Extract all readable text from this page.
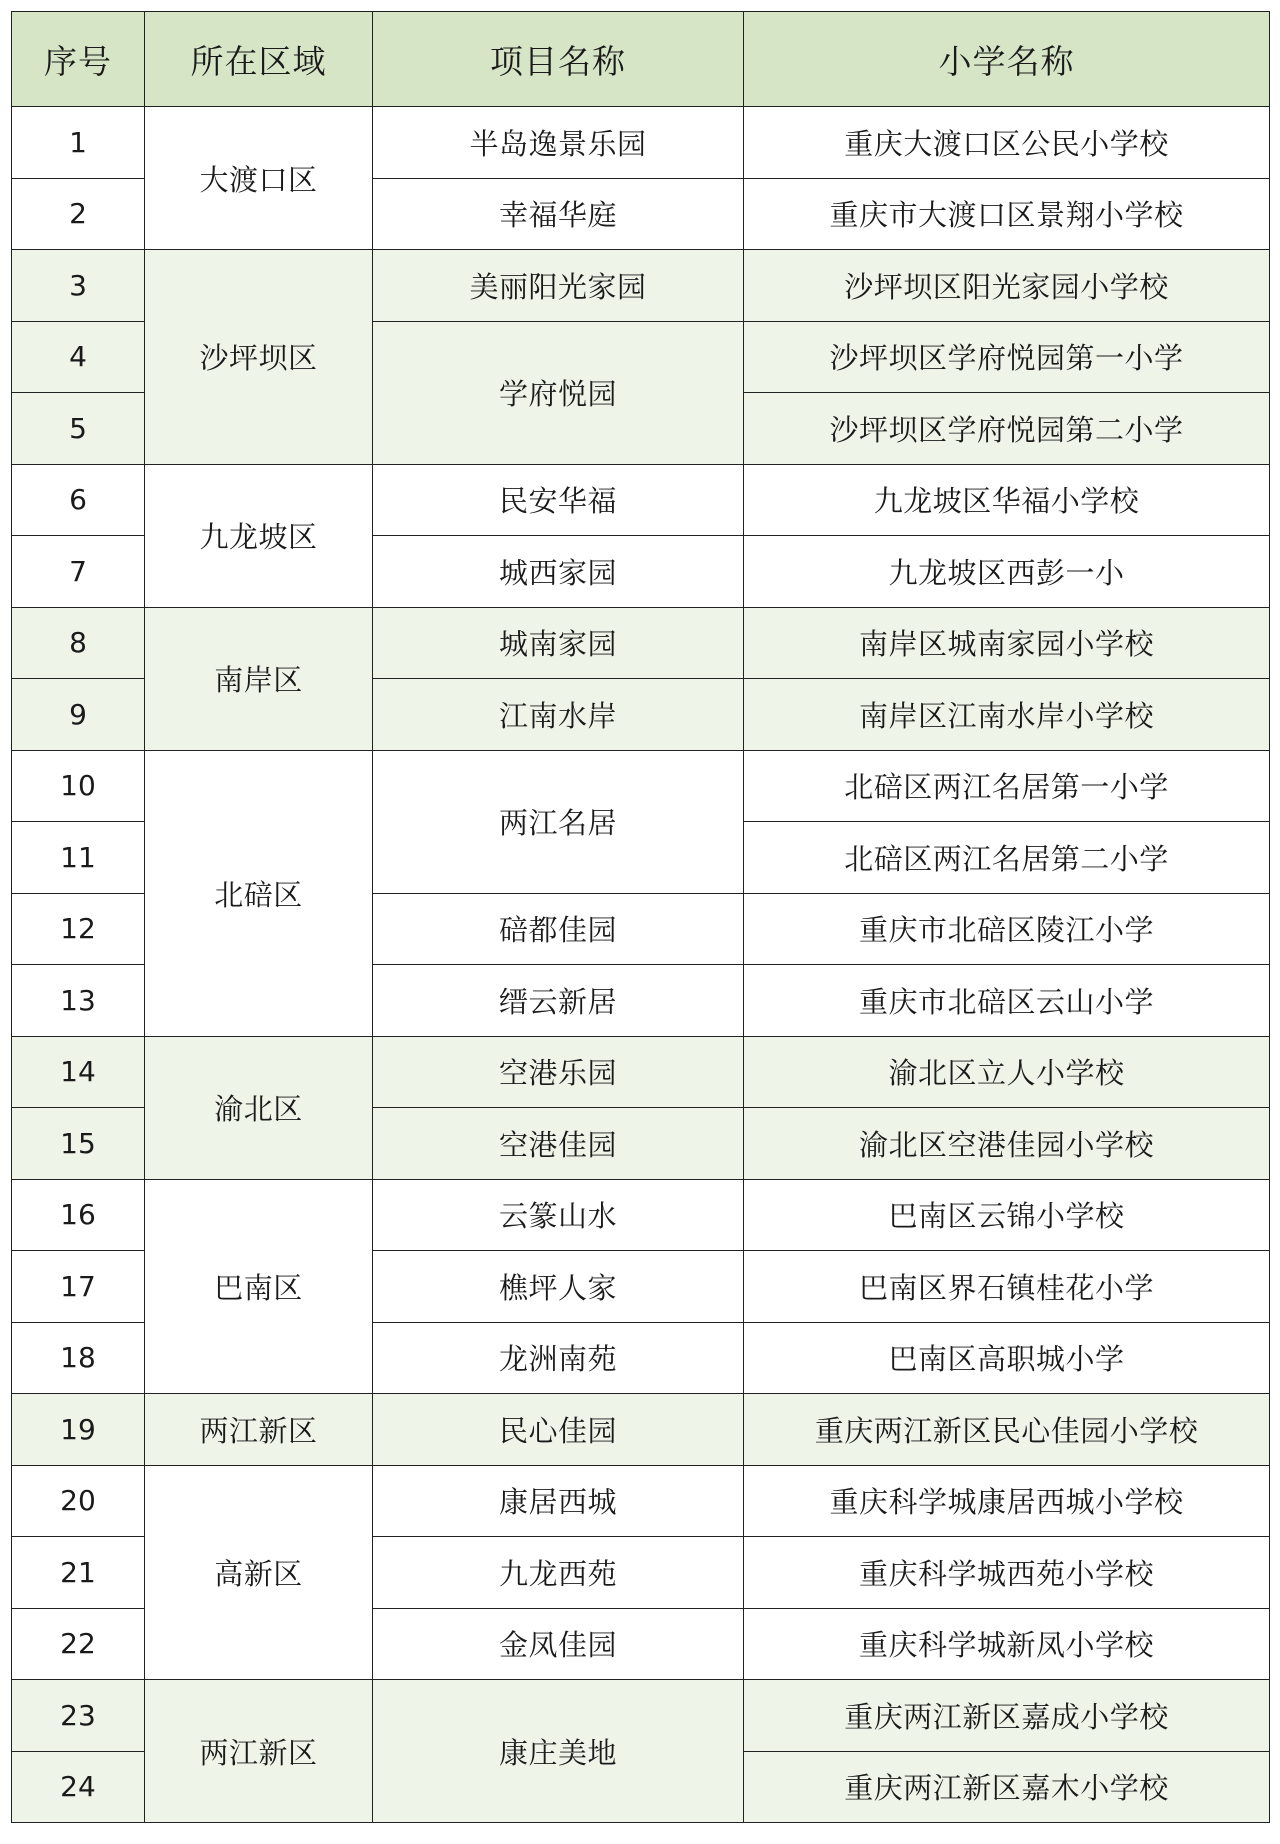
序号	所在区域	项目名称	小学名称
1	大渡口区	半岛逸景乐园	重庆大渡口区公民小学校
2		幸福华庭	重庆市大渡口区景翔小学校
3	沙坪坝区	美丽阳光家园	沙坪坝区阳光家园小学校
4		学府悦园	沙坪坝区学府悦园第一小学
5			沙坪坝区学府悦园第二小学
6	九龙坡区	民安华福	九龙坡区华福小学校
7		城西家园	九龙坡区西彭一小
8	南岸区	城南家园	南岸区城南家园小学校
9		江南水岸	南岸区江南水岸小学校
10	北碚区	两江名居	北碚区两江名居第一小学
11			北碚区两江名居第二小学
12		碚都佳园	重庆市北碚区陵江小学
13		缙云新居	重庆市北碚区云山小学
14	渝北区	空港乐园	渝北区立人小学校
15		空港佳园	渝北区空港佳园小学校
16	巴南区	云篆山水	巴南区云锦小学校
17		樵坪人家	巴南区界石镇桂花小学
18		龙洲南苑	巴南区高职城小学
19	两江新区	民心佳园	重庆两江新区民心佳园小学校
20	高新区	康居西城	重庆科学城康居西城小学校
21		九龙西苑	重庆科学城西苑小学校
22		金凤佳园	重庆科学城新凤小学校
23	两江新区	康庄美地	重庆两江新区嘉成小学校
24			重庆两江新区嘉木小学校
